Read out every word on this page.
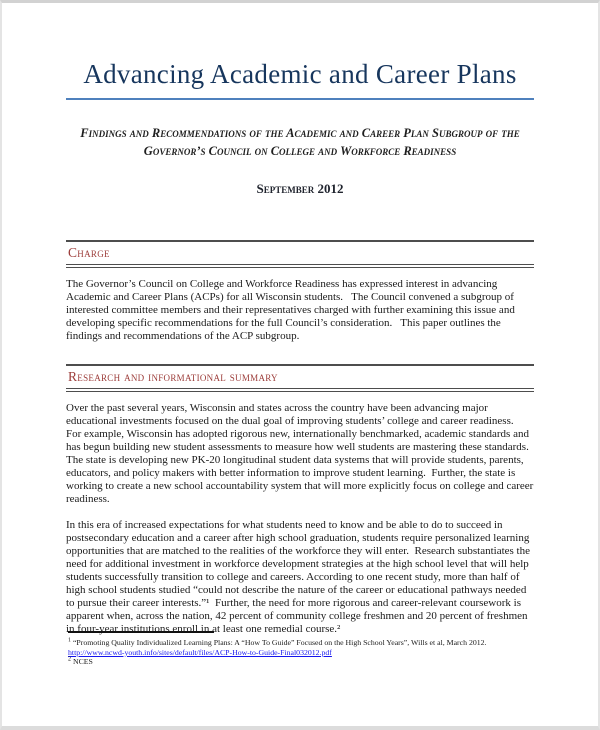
Advancing Academic and Career Plans
Findings and Recommendations of the Academic and Career Plan Subgroup of the Governor’s Council on College and Workforce Readiness
September 2012
Charge

The Governor’s Council on College and Workforce Readiness has expressed interest in advancing Academic and Career Plans (ACPs) for all Wisconsin students.   The Council convened a subgroup of interested committee members and their representatives charged with further examining this issue and developing specific recommendations for the full Council’s consideration.   This paper outlines the findings and recommendations of the ACP subgroup.

Research and informational summary

Over the past several years, Wisconsin and states across the country have been advancing major educational investments focused on the dual goal of improving students’ college and career readiness.  For example, Wisconsin has adopted rigorous new, internationally benchmarked, academic standards and has begun building new student assessments to measure how well students are mastering these standards.  The state is developing new PK-20 longitudinal student data systems that will provide students, parents, educators, and policy makers with better information to improve student learning.  Further, the state is working to create a new school accountability system that will more explicitly focus on college and career readiness.

In this era of increased expectations for what students need to know and be able to do to succeed in postsecondary education and a career after high school graduation, students require personalized learning opportunities that are matched to the realities of the workforce they will enter.  Research substantiates the need for additional investment in workforce development strategies at the high school level that will help students successfully transition to college and careers. According to one recent study, more than half of high school students studied “could not describe the nature of the career or educational pathways needed to pursue their career interests.”¹  Further, the need for more rigorous and career-relevant coursework is apparent when, across the nation, 42 percent of community college freshmen and 20 percent of freshmen in four-year institutions enroll in at least one remedial course.²

$^1$ “Promoting Quality Individualized Learning Plans: A “How To Guide” Focused on the High School Years”, Wills et al, March 2012.
http://www.ncwd-youth.info/sites/default/files/ACP-How-to-Guide-Final032012.pdf
$^2$ NCES
